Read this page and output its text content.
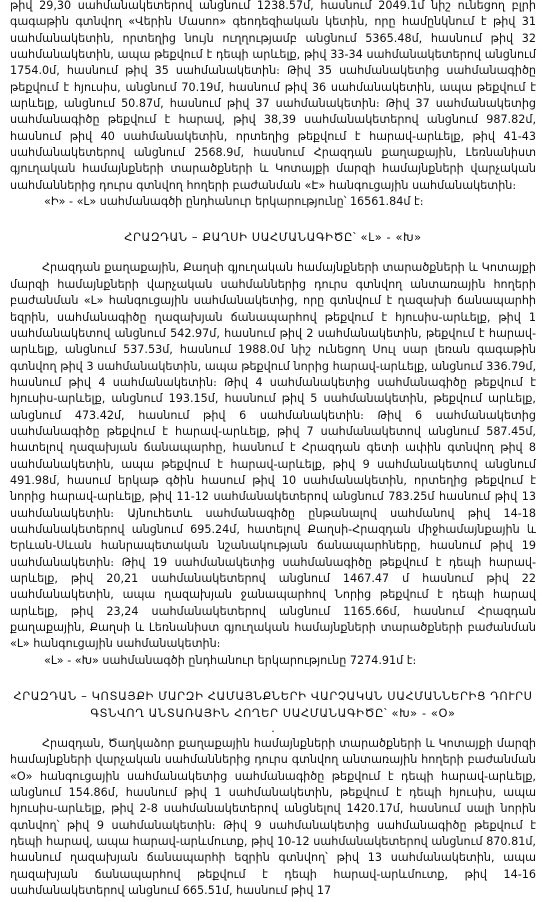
թիվ 29,30 սահմանակետերով անցնում 1238.57մ, հասնում 2049.1մ նիշ ունեցող բլրի գագաթին գտնվող «Վերին Մասոո» գեոդեզիական կետին, որը համընկնում է թիվ 31 սահմանակետին, որտեղից նույն ուղղությամբ անցնում 5365.48մ, հասնում թիվ 32 սահմանակետին, ապա թեքվում է դեպի արևելք, թիվ 33-34 սահմանակետերով անցնում 1754.0մ, հասնում թիվ 35 սահմանակետին։ Թիվ 35 սահմանակետից սահմանագիծը թեքվում է հյուսիս, անցնում 70.19մ, հասնում թիվ 36 սահմանակետին, ապա թեքվում է արևելք, անցնում 50.87մ, հասնում թիվ 37 սահմանակետին։ Թիվ 37 սահմանակետից սահմանագիծը թեքվում է հարավ, թիվ 38,39 սահմանակետերով անցնում 987.82մ, հասնում թիվ 40 սահմանակետին, որտեղից թեքվում է հարավ-արևելք, թիվ 41-43 սահմանակետերով անցնում 2568.9մ, հասնում Հրազդան քաղաքային, Լեռնանիստ գյուղական համայնքների տարածքների և Կոտայքի մարզի համայնքների վարչական սահմաններից դուրս գտնվող հողերի բաժանման «Է» հանգուցային սահմանակետին։

«Ի» - «Լ» սահմանագծի ընդհանուր երկարությունը՝ 16561.84մ է։

ՀՐԱԶԴԱՆ – ՔԱՂՍԻ ՍԱՀՄԱՆԱԳԻԾԸ՝ «Լ» - «Խ»

Հրազդան քաղաքային, Քաղսի գյուղական համայնքների տարածքների և Կոտայքի մարզի համայնքների վարչական սահմաններից դուրս գտնվող անտառային հողերի բաժանման «Լ» հանգուցային սահմանակետից, որը գտնվում է ղազախի ճանապարհի եզրին, սահմանագիծը ղազախյան ճանապարհով թեքվում է հյուսիս-արևելք, թիվ 1 սահմանակետով անցնում 542.97մ, հասնում թիվ 2 սահմանակետին, թեքվում է հարավ-արևելք, անցնում 537.53մ, հասնում 1988.0մ նիշ ունեցող Սուլ սար լեռան գագաթին գտնվող թիվ 3 սահմանակետին, ապա թեքվում նորից հարավ-արևելք, անցնում 336.79մ, հասնում թիվ 4 սահմանակետին։ Թիվ 4 սահմանակետից սահմանագիծը թեքվում է հյուսիս-արևելք, անցնում 193.15մ, հասնում թիվ 5 սահմանակետին, թեքվում արևելք, անցնում 473.42մ, հասնում թիվ 6 սահմանակետին։ Թիվ 6 սահմանակետից սահմանագիծը թեքվում է հարավ-արևելք, թիվ 7 սահմանակետով անցնում 587.45մ, հատելով ղազախյան ճանապարհը, հասնում է Հրազդան գետի ափին գտնվող թիվ 8 սահմանակետին, ապա թեքվում է հարավ-արևելք, թիվ 9 սահմանակետով անցնում 491.98մ, հասում երկաթ գծին հասում թիվ 10 սահմանակետին, որտեղից թեքվում է նորից հարավ-արևելք, թիվ 11-12 սահմանակետերով անցնում 783.25մ հասնում թիվ 13 սահմանակետին։ Այնուհետև սահմանագիծը ընթանալով սահմանով թիվ 14-18 սահմանակետերով անցնում 695.24մ, հատելով Քաղսի-Հրազդան միջհամայնքային և Երևան-Սևան հանրապետական նշանակության ճանապարհները, հասնում թիվ 19 սահմանակետին։ Թիվ 19 սահմանակետից սահմանագիծը թեքվում է դեպի հարավ-արևելք, թիվ 20,21 սահմանակետերով անցնում 1467.47 մ հասնում թիվ 22 սահմանակետին, ապա ղազախյան ջանապարհով Նորից թեքվում է դեպի հարավ արևելք, թիվ 23,24 սահմանակետերով անցնում 1165.66մ, հասնում Հրազդան քաղաքային, Քաղսի և Լեռնանիստ գյուղական համայնքների տարածքների բաժանման «Լ» հանգուցային սահմանակետին։

«Լ» - «Խ» սահմանագծի ընդհանուր երկարությունը 7274.91մ է։

ՀՐԱԶԴԱՆ – ԿՈՏԱՅՔԻ ՄԱՐԶԻ ՀԱՄԱՅՆՔՆԵՐԻ ՎԱՐՉԱԿԱՆ ՍԱՀՄԱՆՆԵՐԻՑ ԴՈՒՐՍ

ԳՏՆՎՈՂ ԱՆՏԱՌԱՅԻՆ ՀՈՂԵՐ ՍԱՀՄԱՆԱԳԻԾԸ՝ «Խ» - «Օ»

·

Հրազդան, Ծաղկաձոր քաղաքային համայնքների տարածքների և Կոտայքի մարզի համայնքների վարչական սահմաններից դուրս գտնվող անտառային հողերի բաժանման «Օ» հանգուցային սահմանակետից սահմանագիծը թեքվում է դեպի հարավ-արևելք, անցնում 154.86մ, հասնում թիվ 1 սահմանակետին, թեքվում է դեպի հյուսիս, ապա հյուսիս-արևելք, թիվ 2-8 սահմանակետերով անցնելով 1420.17մ, հասնում սալի նորին գտնվող՝ թիվ 9 սահմանակետին։ Թիվ 9 սահմանակետից սահմանագիծը թեքվում է դեպի հարավ, ապա հարավ-արևմուտք, թիվ 10-12 սահմանակետերով անցնում 870.81մ, հասնում ղազախյան ճանապարհի եզրին գտնվող՝ թիվ 13 սահմանակետին, ապա ղազախյան ճանապարհով թեքվում է դեպի հարավ-արևմուտք, թիվ 14-16 սահմանակետերով անցնում 665.51մ, հասնում թիվ 17
